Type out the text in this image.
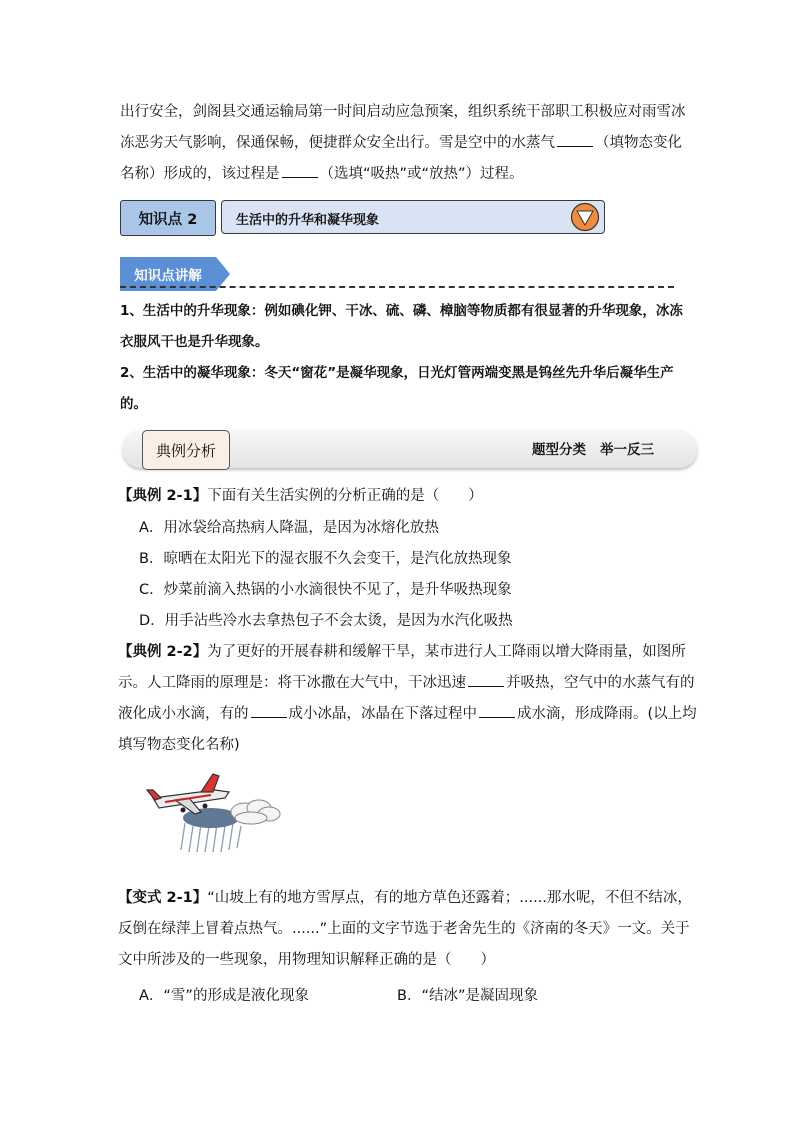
出行安全，剑阁县交通运输局第一时间启动应急预案，组织系统干部职工积极应对雨雪冰冻恶劣天气影响，保通保畅，便捷群众安全出行。雪是空中的水蒸气	（填物态变化名称）形成的，该过程是	（选填“吸热”或“放热”）过程。
知识点 2	生活中的升华和凝华现象
知识点讲解
1、生活中的升华现象：例如碘化钾、干冰、硫、磷、樟脑等物质都有很显著的升华现象，冰冻衣服风干也是升华现象。
2、生活中的凝华现象：冬天“窗花”是凝华现象，日光灯管两端变黑是钨丝先升华后凝华生产的。
典例分析	题型分类 举一反三
【典例 2-1】下面有关生活实例的分析正确的是（　　）
A．用冰袋给高热病人降温，是因为冰熔化放热
B．晾晒在太阳光下的湿衣服不久会变干，是汽化放热现象
C．炒菜前滴入热锅的小水滴很快不见了，是升华吸热现象
D．用手沾些冷水去拿热包子不会太烫，是因为水汽化吸热
【典例 2-2】为了更好的开展春耕和缓解干旱，某市进行人工降雨以增大降雨量，如图所示。人工降雨的原理是：将干冰撒在大气中，干冰迅速	并吸热，空气中的水蒸气有的液化成小水滴，有的	成小冰晶，冰晶在下落过程中	成水滴，形成降雨。(以上均填写物态变化名称)
【变式 2-1】“山坡上有的地方雪厚点，有的地方草色还露着；......那水呢，不但不结冰，反倒在绿萍上冒着点热气。......”上面的文字节选于老舍先生的《济南的冬天》一文。关于文中所涉及的一些现象，用物理知识解释正确的是（　　）
A．“雪”的形成是液化现象	B．“结冰”是凝固现象
